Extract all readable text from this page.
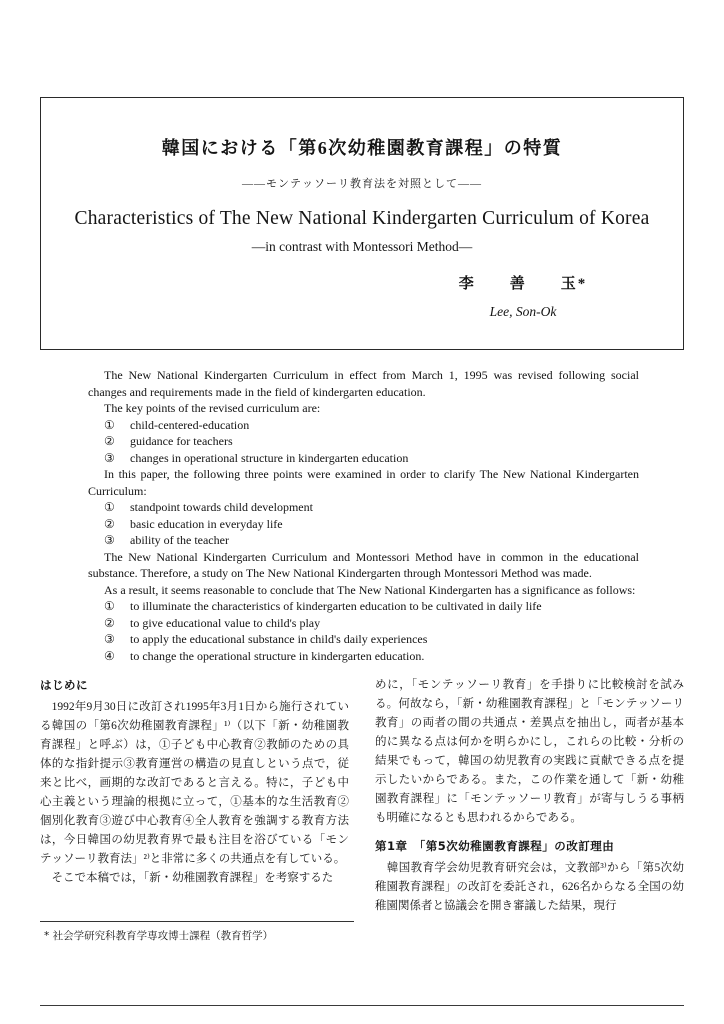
韓国における「第6次幼稚園教育課程」の特質
——モンテッソーリ教育法を対照として——
Characteristics of The New National Kindergarten Curriculum of Korea
—in contrast with Montessori Method—
李　　善　　玉*
Lee, Son-Ok

The New National Kindergarten Curriculum in effect from March 1, 1995 was revised following social changes and requirements made in the field of kindergarten education.

The key points of the revised curriculum are:

①	child-centered-education
②	guidance for teachers
③	changes in operational structure in kindergarten education

In this paper, the following three points were examined in order to clarify The New National Kindergarten Curriculum:

①	standpoint towards child development
②	basic education in everyday life
③	ability of the teacher

The New National Kindergarten Curriculum and Montessori Method have in common in the educational substance. Therefore, a study on The New National Kindergarten through Montessori Method was made.

As a result, it seems reasonable to conclude that The New National Kindergarten has a significance as follows:

①	to illuminate the characteristics of kindergarten education to be cultivated in daily life
②	to give educational value to child's play
③	to apply the educational substance in child's daily experiences
④	to change the operational structure in kindergarten education.
はじめに

　1992年9月30日に改訂され1995年3月1日から施行されている韓国の「第6次幼稚園教育課程」¹⁾（以下「新・幼稚園教育課程」と呼ぶ）は，①子ども中心教育②教師のための具体的な指針提示③教育運営の構造の見直しという点で，従来と比べ，画期的な改訂であると言える。特に，子ども中心主義という理論的根拠に立って，①基本的な生活教育②個別化教育③遊び中心教育④全人教育を強調する教育方法は，今日韓国の幼児教育界で最も注目を浴びている「モンテッソーリ教育法」²⁾と非常に多くの共通点を有している。

　そこで本稿では，「新・幼稚園教育課程」を考察するた

めに，「モンテッソーリ教育」を手掛りに比較検討を試みる。何故なら，「新・幼稚園教育課程」と「モンテッソーリ教育」の両者の間の共通点・差異点を抽出し，両者が基本的に異なる点は何かを明らかにし，これらの比較・分析の結果でもって，韓国の幼児教育の実践に貢献できる点を提示したいからである。また，この作業を通して「新・幼稚園教育課程」に「モンテッソーリ教育」が寄与しうる事柄も明確になるとも思われるからである。

第1章　「第5次幼稚園教育課程」の改訂理由

　韓国教育学会幼児教育研究会は，文教部³⁾から「第5次幼稚園教育課程」の改訂を委託され，626名からなる全国の幼稚園関係者と協議会を開き審議した結果，現行

* 社会学研究科教育学専攻博士課程（教育哲学）
